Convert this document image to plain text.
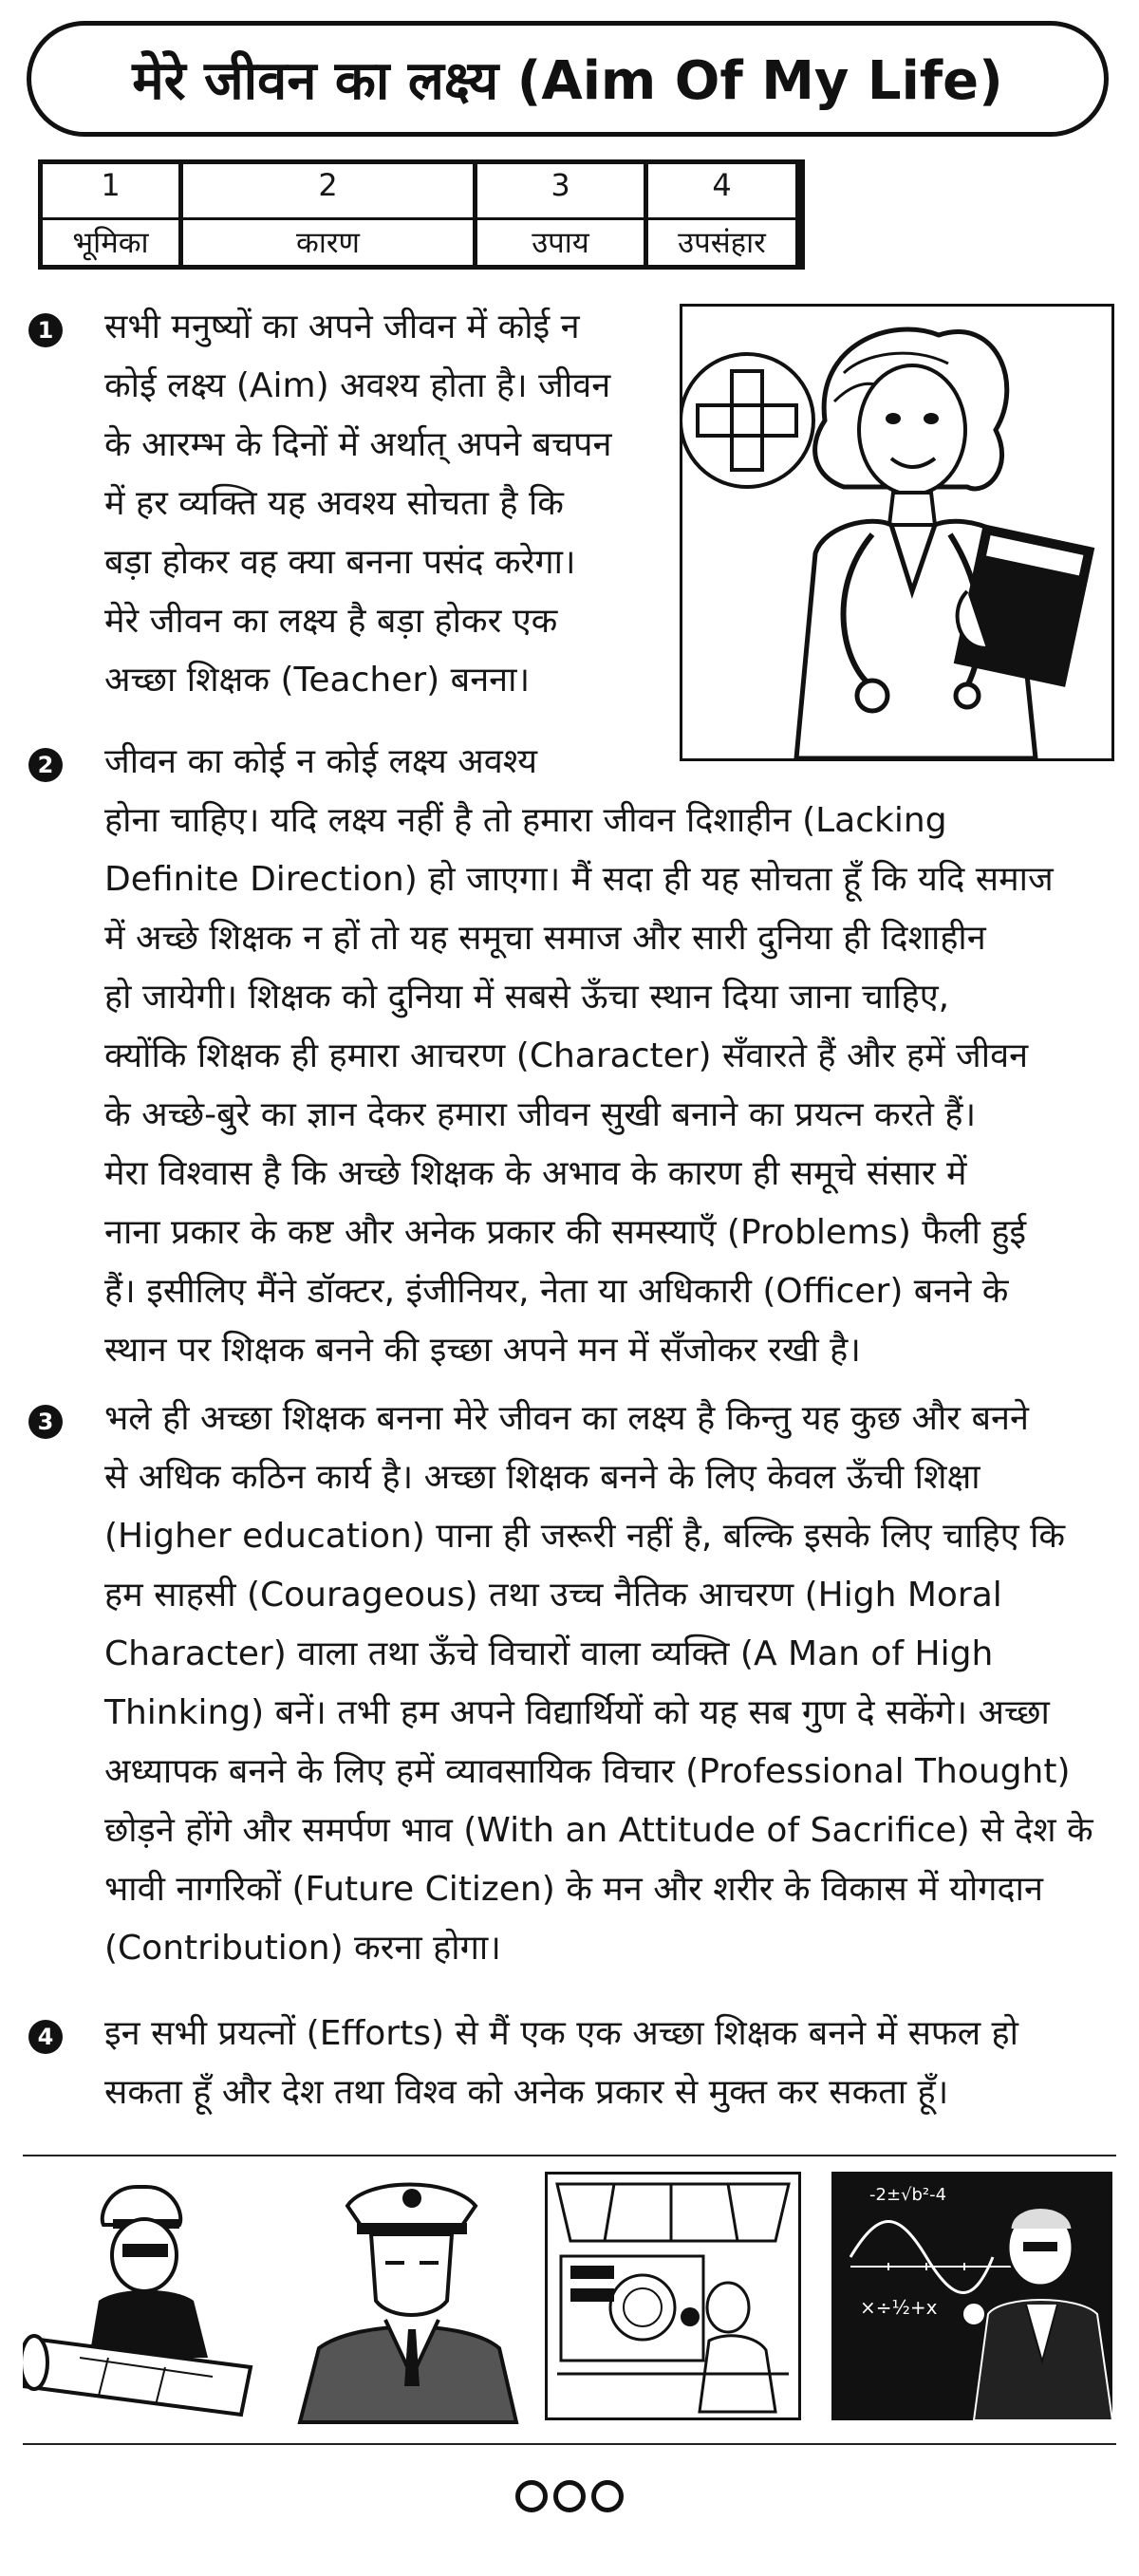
मेरे जीवन का लक्ष्य (Aim Of My Life)
1
भूमिका
2
कारण
3
उपाय
4
उपसंहार
1 सभी मनुष्यों का अपने जीवन में कोई न
कोई लक्ष्य (Aim) अवश्य होता है। जीवन
के आरम्भ के दिनों में अर्थात् अपने बचपन
में हर व्यक्ति यह अवश्य सोचता है कि
बड़ा होकर वह क्या बनना पसंद करेगा।
मेरे जीवन का लक्ष्य है बड़ा होकर एक
अच्छा शिक्षक (Teacher) बनना।
2 जीवन का कोई न कोई लक्ष्य अवश्य
होना चाहिए। यदि लक्ष्य नहीं है तो हमारा जीवन दिशाहीन (Lacking
Definite Direction) हो जाएगा। मैं सदा ही यह सोचता हूँ कि यदि समाज
में अच्छे शिक्षक न हों तो यह समूचा समाज और सारी दुनिया ही दिशाहीन
हो जायेगी। शिक्षक को दुनिया में सबसे ऊँचा स्थान दिया जाना चाहिए,
क्योंकि शिक्षक ही हमारा आचरण (Character) सँवारते हैं और हमें जीवन
के अच्छे-बुरे का ज्ञान देकर हमारा जीवन सुखी बनाने का प्रयत्न करते हैं।
मेरा विश्वास है कि अच्छे शिक्षक के अभाव के कारण ही समूचे संसार में
नाना प्रकार के कष्ट और अनेक प्रकार की समस्याएँ (Problems) फैली हुई
हैं। इसीलिए मैंने डॉक्टर, इंजीनियर, नेता या अधिकारी (Officer) बनने के
स्थान पर शिक्षक बनने की इच्छा अपने मन में सँजोकर रखी है।
3 भले ही अच्छा शिक्षक बनना मेरे जीवन का लक्ष्य है किन्तु यह कुछ और बनने
से अधिक कठिन कार्य है। अच्छा शिक्षक बनने के लिए केवल ऊँची शिक्षा
(Higher education) पाना ही जरूरी नहीं है, बल्कि इसके लिए चाहिए कि
हम साहसी (Courageous) तथा उच्च नैतिक आचरण (High Moral
Character) वाला तथा ऊँचे विचारों वाला व्यक्ति (A Man of High
Thinking) बनें। तभी हम अपने विद्यार्थियों को यह सब गुण दे सकेंगे। अच्छा
अध्यापक बनने के लिए हमें व्यावसायिक विचार (Professional Thought)
छोड़ने होंगे और समर्पण भाव (With an Attitude of Sacrifice) से देश के
भावी नागरिकों (Future Citizen) के मन और शरीर के विकास में योगदान
(Contribution) करना होगा।
4 इन सभी प्रयत्नों (Efforts) से मैं एक एक अच्छा शिक्षक बनने में सफल हो
सकता हूँ और देश तथा विश्व को अनेक प्रकार से मुक्त कर सकता हूँ।
-2±√b²-4
×÷½+x
